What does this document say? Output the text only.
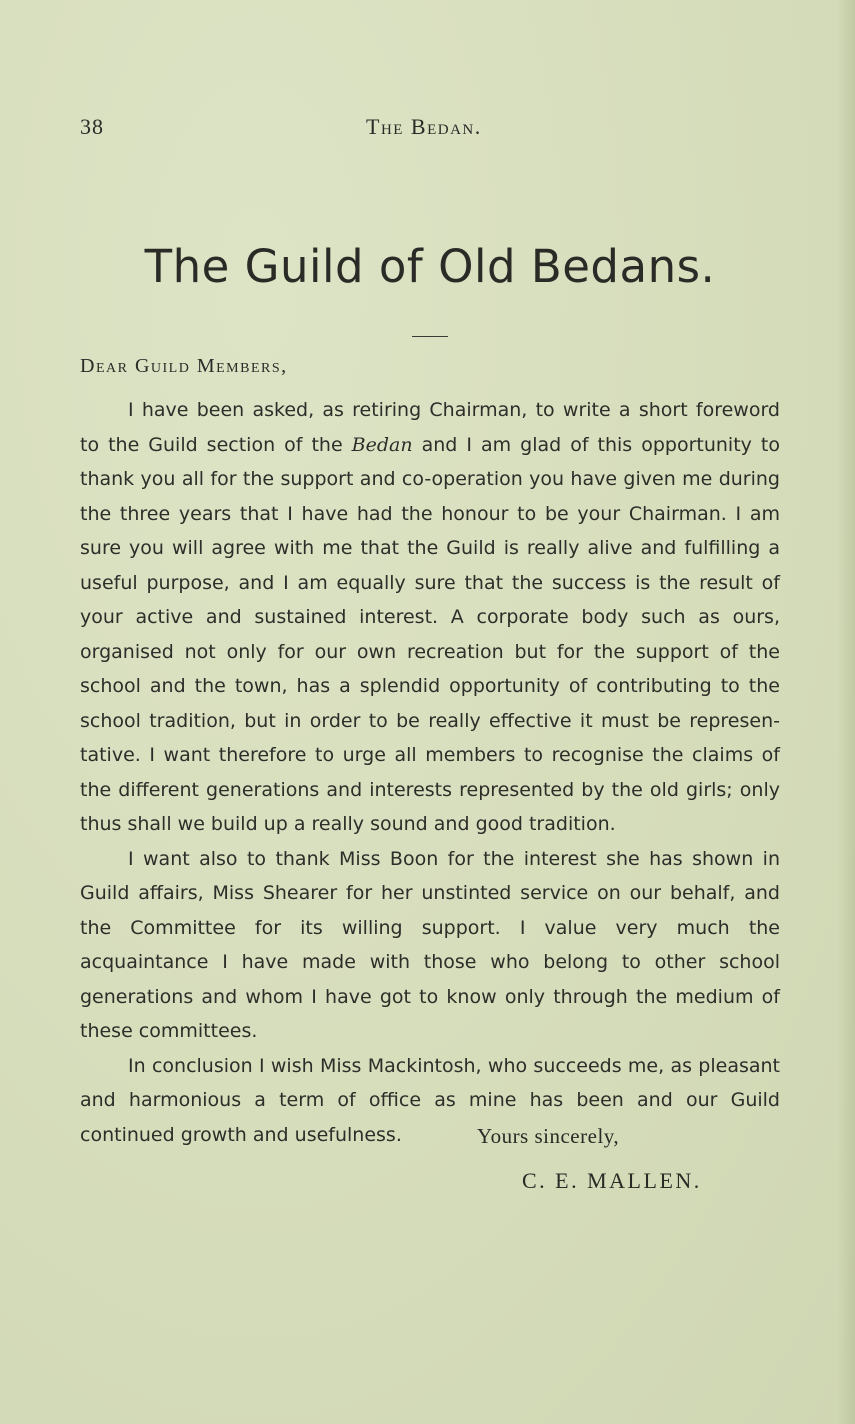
38	The Bedan.
The Guild of Old Bedans.
Dear Guild Members,

I have been asked, as retiring Chairman, to write a short foreword to the Guild section of the Bedan and I am glad of this opportunity to thank you all for the support and co-operation you have given me during the three years that I have had the honour to be your Chairman. I am sure you will agree with me that the Guild is really alive and fulfilling a useful purpose, and I am equally sure that the success is the result of your active and sustained interest. A corporate body such as ours, organised not only for our own recreation but for the support of the school and the town, has a splendid opportunity of contributing to the school tradition, but in order to be really effective it must be representative. I want therefore to urge all members to recognise the claims of the different generations and interests represented by the old girls; only thus shall we build up a really sound and good tradition.

I want also to thank Miss Boon for the interest she has shown in Guild affairs, Miss Shearer for her unstinted service on our behalf, and the Committee for its willing support. I value very much the acquaintance I have made with those who belong to other school generations and whom I have got to know only through the medium of these committees.

In conclusion I wish Miss Mackintosh, who succeeds me, as pleasant and harmonious a term of office as mine has been and our Guild continued growth and usefulness.	Yours sincerely,
C. E. MALLEN.
